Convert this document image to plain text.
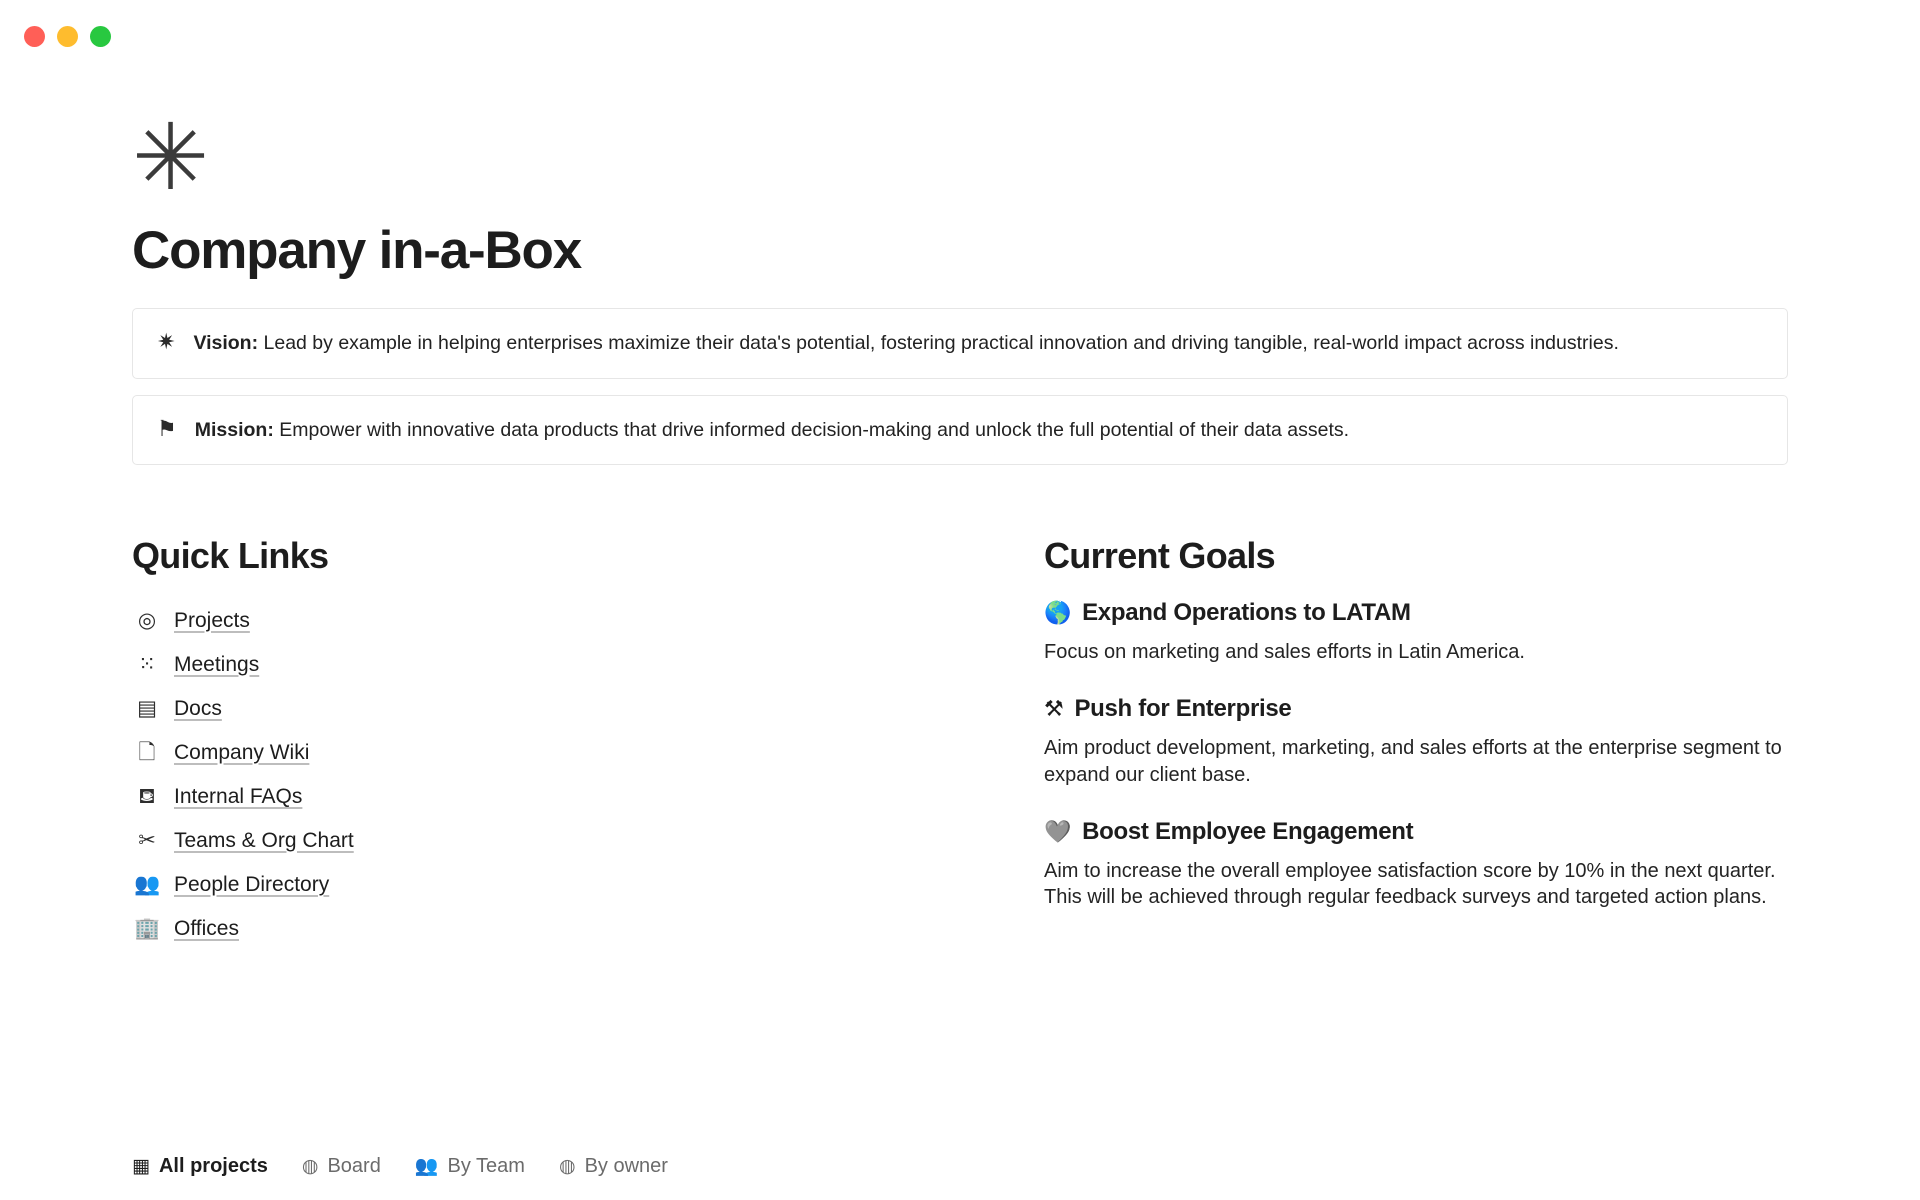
✳
Company in-a-Box
✷ Vision: Lead by example in helping enterprises maximize their data's potential, fostering practical innovation and driving tangible, real-world impact across industries.
⚑ Mission: Empower with innovative data products that drive informed decision-making and unlock the full potential of their data assets.
Quick Links
◎ Projects
⁙ Meetings
▤ Docs
🗋 Company Wiki
⛾ Internal FAQs
✂ Teams & Org Chart
👥 People Directory
🏢 Offices
Current Goals
🌎 Expand Operations to LATAM
Focus on marketing and sales efforts in Latin America.
⚒ Push for Enterprise
Aim product development, marketing, and sales efforts at the enterprise segment to expand our client base.
🩶 Boost Employee Engagement
Aim to increase the overall employee satisfaction score by 10% in the next quarter. This will be achieved through regular feedback surveys and targeted action plans.
▦ All projects ◍ Board 👥 By Team ◍ By owner
